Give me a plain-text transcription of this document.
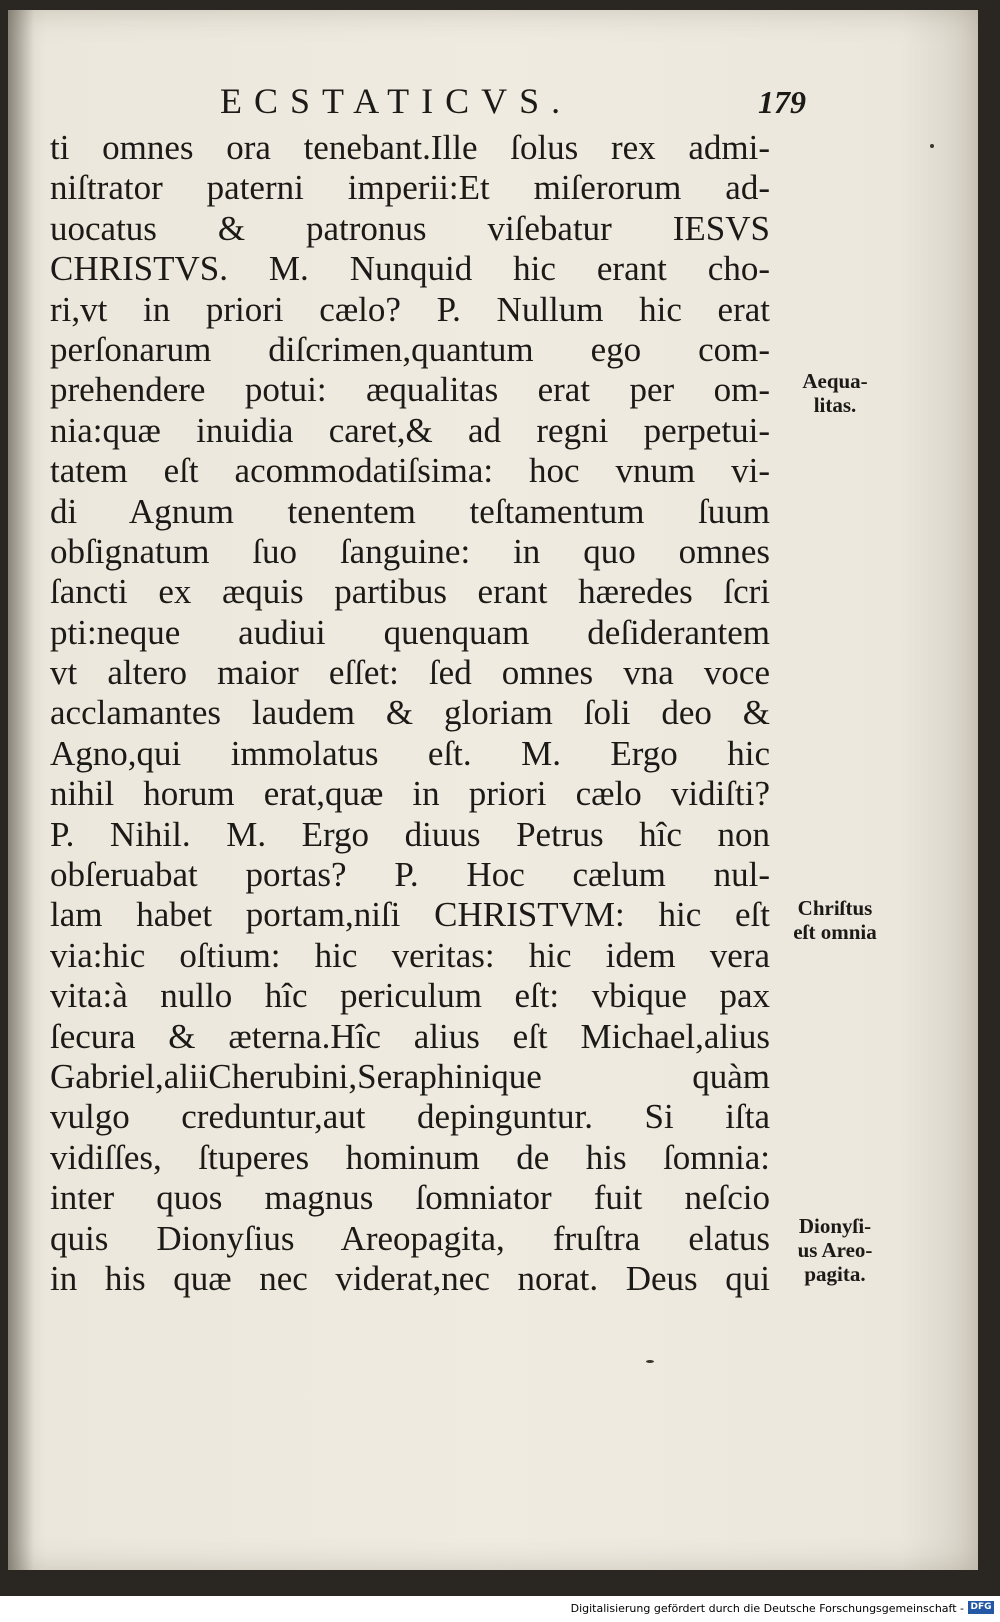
ECSTATICVS.	179
ti omnes ora tenebant.Ille ſolus rex admi-
niſtrator paterni imperii:Et miſerorum ad-
uocatus & patronus viſebatur IESVS
CHRISTVS. M. Nunquid hic erant cho-
ri,vt in priori cælo? P. Nullum hic erat
perſonarum diſcrimen,quantum ego com-
prehendere potui: æqualitas erat per om-
nia:quæ inuidia caret,& ad regni perpetui-
tatem eſt acommodatiſsima: hoc vnum vi-
di Agnum tenentem teſtamentum ſuum
obſignatum ſuo ſanguine: in quo omnes
ſancti ex æquis partibus erant hæredes ſcri
pti:neque audiui quenquam deſiderantem
vt altero maior eſſet: ſed omnes vna voce
acclamantes laudem & gloriam ſoli deo &
Agno,qui immolatus eſt. M. Ergo hic
nihil horum erat,quæ in priori cælo vidiſti?
P. Nihil. M. Ergo diuus Petrus hîc non
obſeruabat portas? P. Hoc cælum nul-
lam habet portam,niſi CHRISTVM: hic eſt
via:hic oſtium: hic veritas: hic idem vera
vita:à nullo hîc periculum eſt: vbique pax
ſecura & æterna.Hîc alius eſt Michael,alius
Gabriel,aliiCherubini,Seraphinique quàm
vulgo creduntur,aut depinguntur. Si iſta
vidiſſes, ſtuperes hominum de his ſomnia:
inter quos magnus ſomniator fuit neſcio
quis Dionyſius Areopagita, fruſtra elatus
in his quæ nec viderat,nec norat. Deus qui
Aequa-
litas.
Chriſtus
eſt omnia
Dionyſi-
us Areo-
pagita.
Digitalisierung gefördert durch die Deutsche Forschungsgemeinschaft - DFG
